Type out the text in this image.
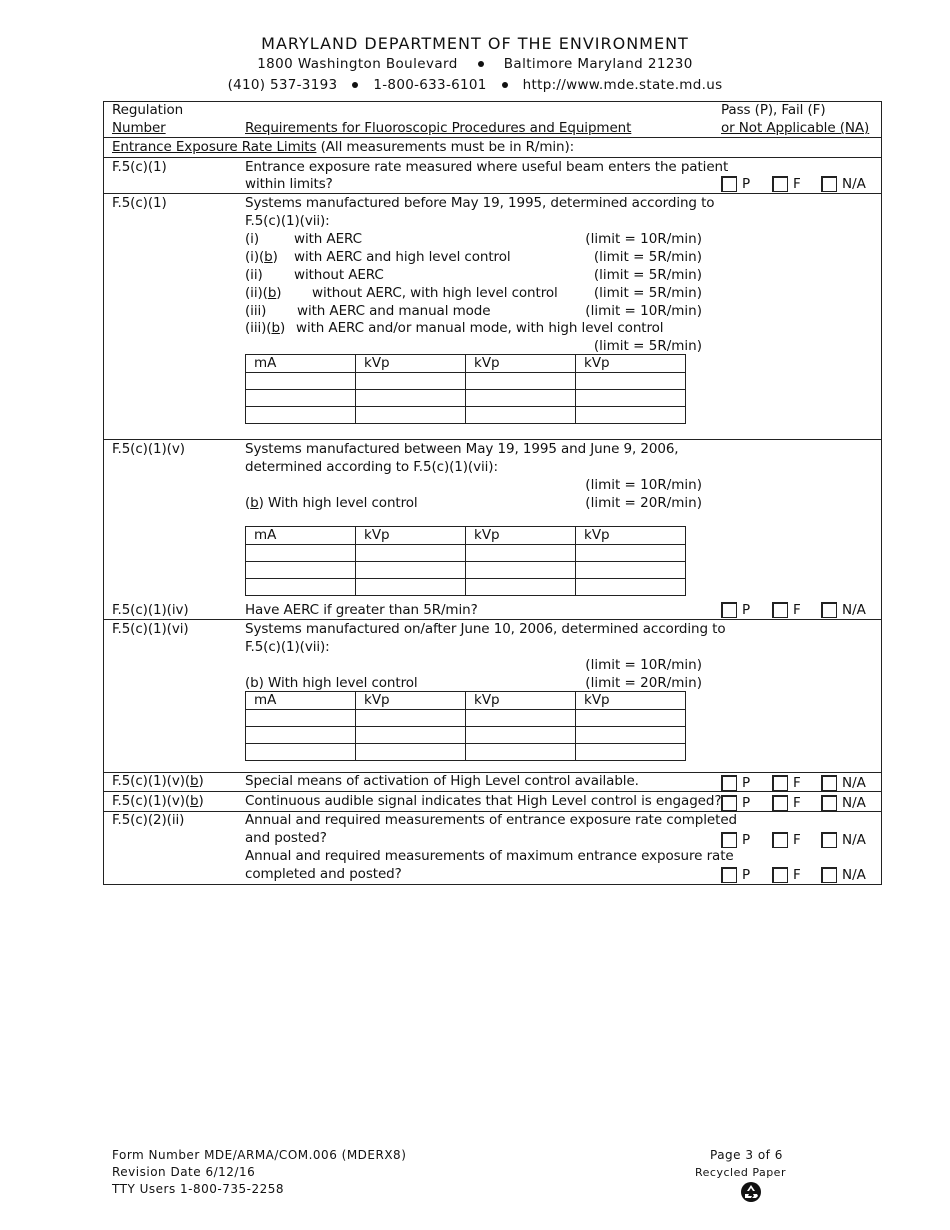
MARYLAND DEPARTMENT OF THE ENVIRONMENT
1800 Washington Boulevard	Baltimore Maryland 21230
(410) 537-3193	1-800-633-6101	http://www.mde.state.md.us
Regulation
Number	Requirements for Fluoroscopic Procedures and Equipment
Pass (P), Fail (F)
or Not Applicable (NA)
Entrance Exposure Rate Limits (All measurements must be in R/min):
F.5(c)(1)	Entrance exposure rate measured where useful beam enters the patient
within limits?	P	F	N/A
F.5(c)(1)	Systems manufactured before May 19, 1995, determined according to
F.5(c)(1)(vii):
(i)	with AERC	(limit = 10R/min)
(i)(b) with AERC and high level control	(limit = 5R/min)
(ii) without AERC	(limit = 5R/min)
(ii)(b) without AERC, with high level control	(limit = 5R/min)
(iii) with AERC and manual mode	(limit = 10R/min)
(iii)(b) with AERC and/or manual mode, with high level control
(limit = 5R/min)
mA	kVp	kVp	kVp

F.5(c)(1)(v)	Systems manufactured between May 19, 1995 and June 9, 2006,
determined according to F.5(c)(1)(vii):
(limit = 10R/min)
(b) With high level control	(limit = 20R/min)
mA	kVp	kVp	kVp

F.5(c)(1)(iv)	Have AERC if greater than 5R/min?	P	F	N/A
F.5(c)(1)(vi)	Systems manufactured on/after June 10, 2006, determined according to
F.5(c)(1)(vii):
(limit = 10R/min)
(b) With high level control	(limit = 20R/min)
mA	kVp	kVp	kVp

F.5(c)(1)(v)(b)	Special means of activation of High Level control available.	P	F	N/A
F.5(c)(1)(v)(b)	Continuous audible signal indicates that High Level control is engaged? P	F	N/A
F.5(c)(2)(ii)	Annual and required measurements of entrance exposure rate completed
and posted?	P	F	N/A
Annual and required measurements of maximum entrance exposure rate
completed and posted?	P	F	N/A
Form Number MDE/ARMA/COM.006 (MDERX8)
Revision Date 6/12/16
TTY Users 1-800-735-2258
Page 3 of 6
Recycled Paper
